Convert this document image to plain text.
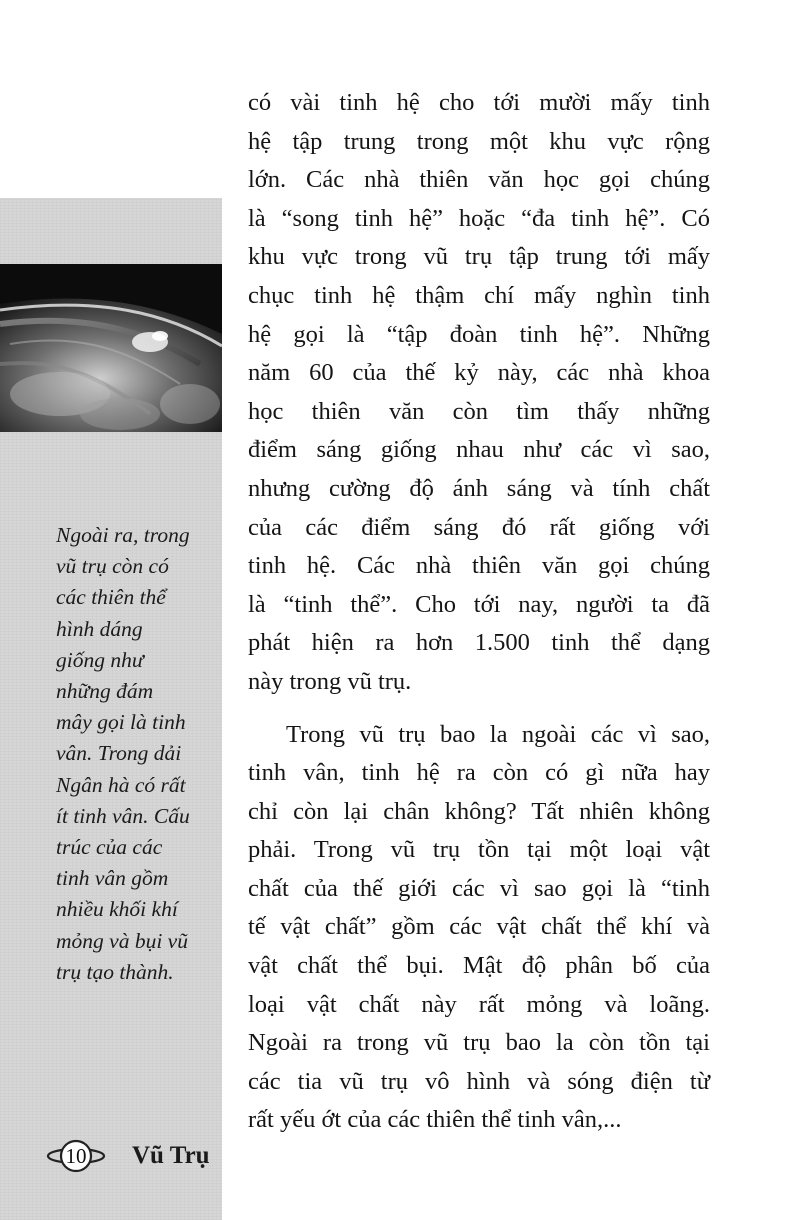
Ngoài ra, trong
vũ trụ còn có
các thiên thể
hình dáng
giống như
những đám
mây gọi là tinh
vân. Trong dải
Ngân hà có rất
ít tinh vân. Cấu
trúc của các
tinh vân gồm
nhiều khối khí
mỏng và bụi vũ
trụ tạo thành.

có vài tinh hệ cho tới mười mấy tinh
hệ tập trung trong một khu vực rộng
lớn. Các nhà thiên văn học gọi chúng
là “song tinh hệ” hoặc “đa tinh hệ”. Có
khu vực trong vũ trụ tập trung tới mấy
chục tinh hệ thậm chí mấy nghìn tinh
hệ gọi là “tập đoàn tinh hệ”. Những
năm 60 của thế kỷ này, các nhà khoa
học thiên văn còn tìm thấy những
điểm sáng giống nhau như các vì sao,
nhưng cường độ ánh sáng và tính chất
của các điểm sáng đó rất giống với
tinh hệ. Các nhà thiên văn gọi chúng
là “tinh thể”. Cho tới nay, người ta đã
phát hiện ra hơn 1.500 tinh thể dạng
này trong vũ trụ.

Trong vũ trụ bao la ngoài các vì sao,
tinh vân, tinh hệ ra còn có gì nữa hay
chỉ còn lại chân không? Tất nhiên không
phải. Trong vũ trụ tồn tại một loại vật
chất của thế giới các vì sao gọi là “tinh
tế vật chất” gồm các vật chất thể khí và
vật chất thể bụi. Mật độ phân bố của
loại vật chất này rất mỏng và loãng.
Ngoài ra trong vũ trụ bao la còn tồn tại
các tia vũ trụ vô hình và sóng điện từ
rất yếu ớt của các thiên thể tinh vân,...

10	Vũ Trụ
